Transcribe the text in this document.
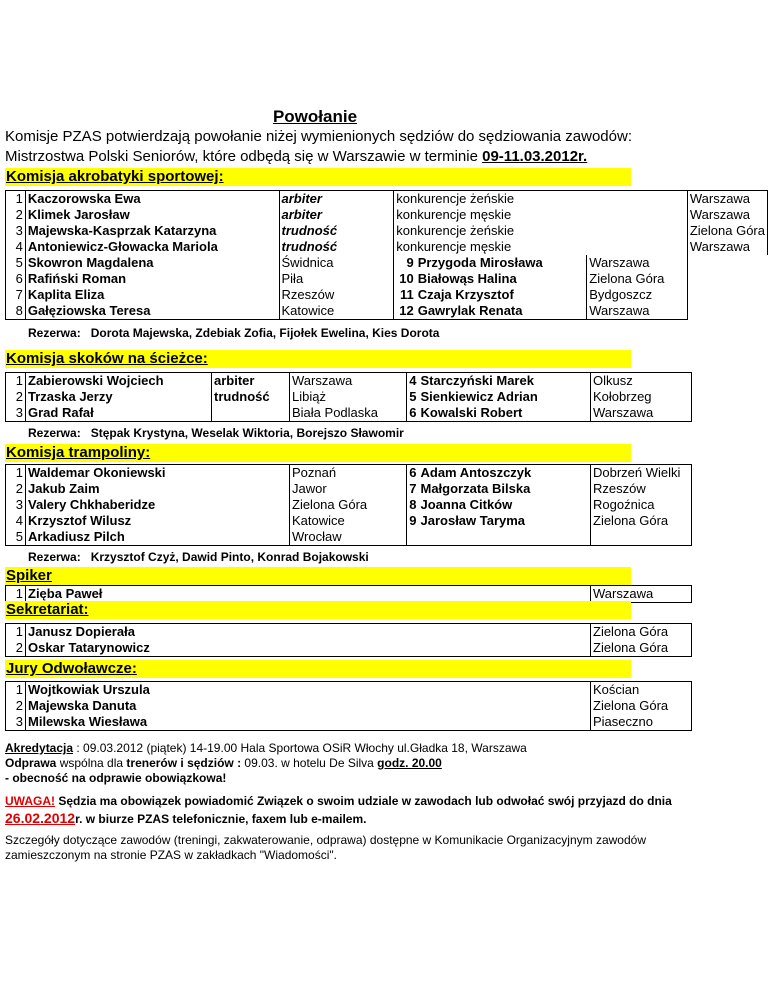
Powołanie
Komisje PZAS potwierdzają powołanie niżej wymienionych sędziów do sędziowania zawodów:
Mistrzostwa Polski Seniorów, które odbędą się w Warszawie w terminie 09-11.03.2012r.
Komisja akrobatyki sportowej:
1	Kaczorowska Ewa	arbiter	konkurencje żeńskie			Warszawa
2	Klimek Jarosław	arbiter	konkurencje męskie			Warszawa
3	Majewska-Kasprzak Katarzyna	trudność	konkurencje żeńskie			Zielona Góra
4	Antoniewicz-Głowacka Mariola	trudność	konkurencje męskie			Warszawa
5	Skowron Magdalena	Świdnica	9	Przygoda Mirosława	Warszawa	
6	Rafiński Roman	Piła	10	Białowąs Halina	Zielona Góra	
7	Kaplita Eliza	Rzeszów	11	Czaja Krzysztof	Bydgoszcz	
8	Gałęziowska Teresa	Katowice	12	Gawrylak Renata	Warszawa	
Rezerwa: Dorota Majewska, Zdebiak Zofia, Fijołek Ewelina, Kies Dorota
Komisja skoków na ścieżce:
1	Zabierowski Wojciech	arbiter	Warszawa	4	Starczyński Marek	Olkusz
2	Trzaska Jerzy	trudność	Libiąż	5	Sienkiewicz Adrian	Kołobrzeg
3	Grad Rafał		Biała Podlaska	6	Kowalski Robert	Warszawa
Rezerwa: Stępak Krystyna, Weselak Wiktoria, Borejszo Sławomir
Komisja trampoliny:
1	Waldemar Okoniewski	Poznań	6	Adam Antoszczyk	Dobrzeń Wielki
2	Jakub Zaim	Jawor	7	Małgorzata Bilska	Rzeszów
3	Valery Chkhaberidze	Zielona Góra	8	Joanna Citków	Rogoźnica
4	Krzysztof Wilusz	Katowice	9	Jarosław Taryma	Zielona Góra
5	Arkadiusz Pilch	Wrocław			
Rezerwa: Krzysztof Czyż, Dawid Pinto, Konrad Bojakowski
Spiker
1	Zięba Paweł	Warszawa
Sekretariat:
1	Janusz Dopierała	Zielona Góra
2	Oskar Tatarynowicz	Zielona Góra
Jury Odwoławcze:
1	Wojtkowiak Urszula	Kościan
2	Majewska Danuta	Zielona Góra
3	Milewska Wiesława	Piaseczno
Akredytacja : 09.03.2012 (piątek) 14-19.00 Hala Sportowa OSiR Włochy ul.Gładka 18, Warszawa
Odprawa wspólna dla trenerów i sędziów : 09.03. w hotelu De Silva godz. 20.00
- obecność na odprawie obowiązkowa!
UWAGA! Sędzia ma obowiązek powiadomić Związek o swoim udziale w zawodach lub odwołać swój przyjazd do dnia
26.02.2012r. w biurze PZAS telefonicznie, faxem lub e-mailem.
Szczegóły dotyczące zawodów (treningi, zakwaterowanie, odprawa) dostępne w Komunikacie Organizacyjnym zawodów
zamieszczonym na stronie PZAS w zakładkach "Wiadomości".
